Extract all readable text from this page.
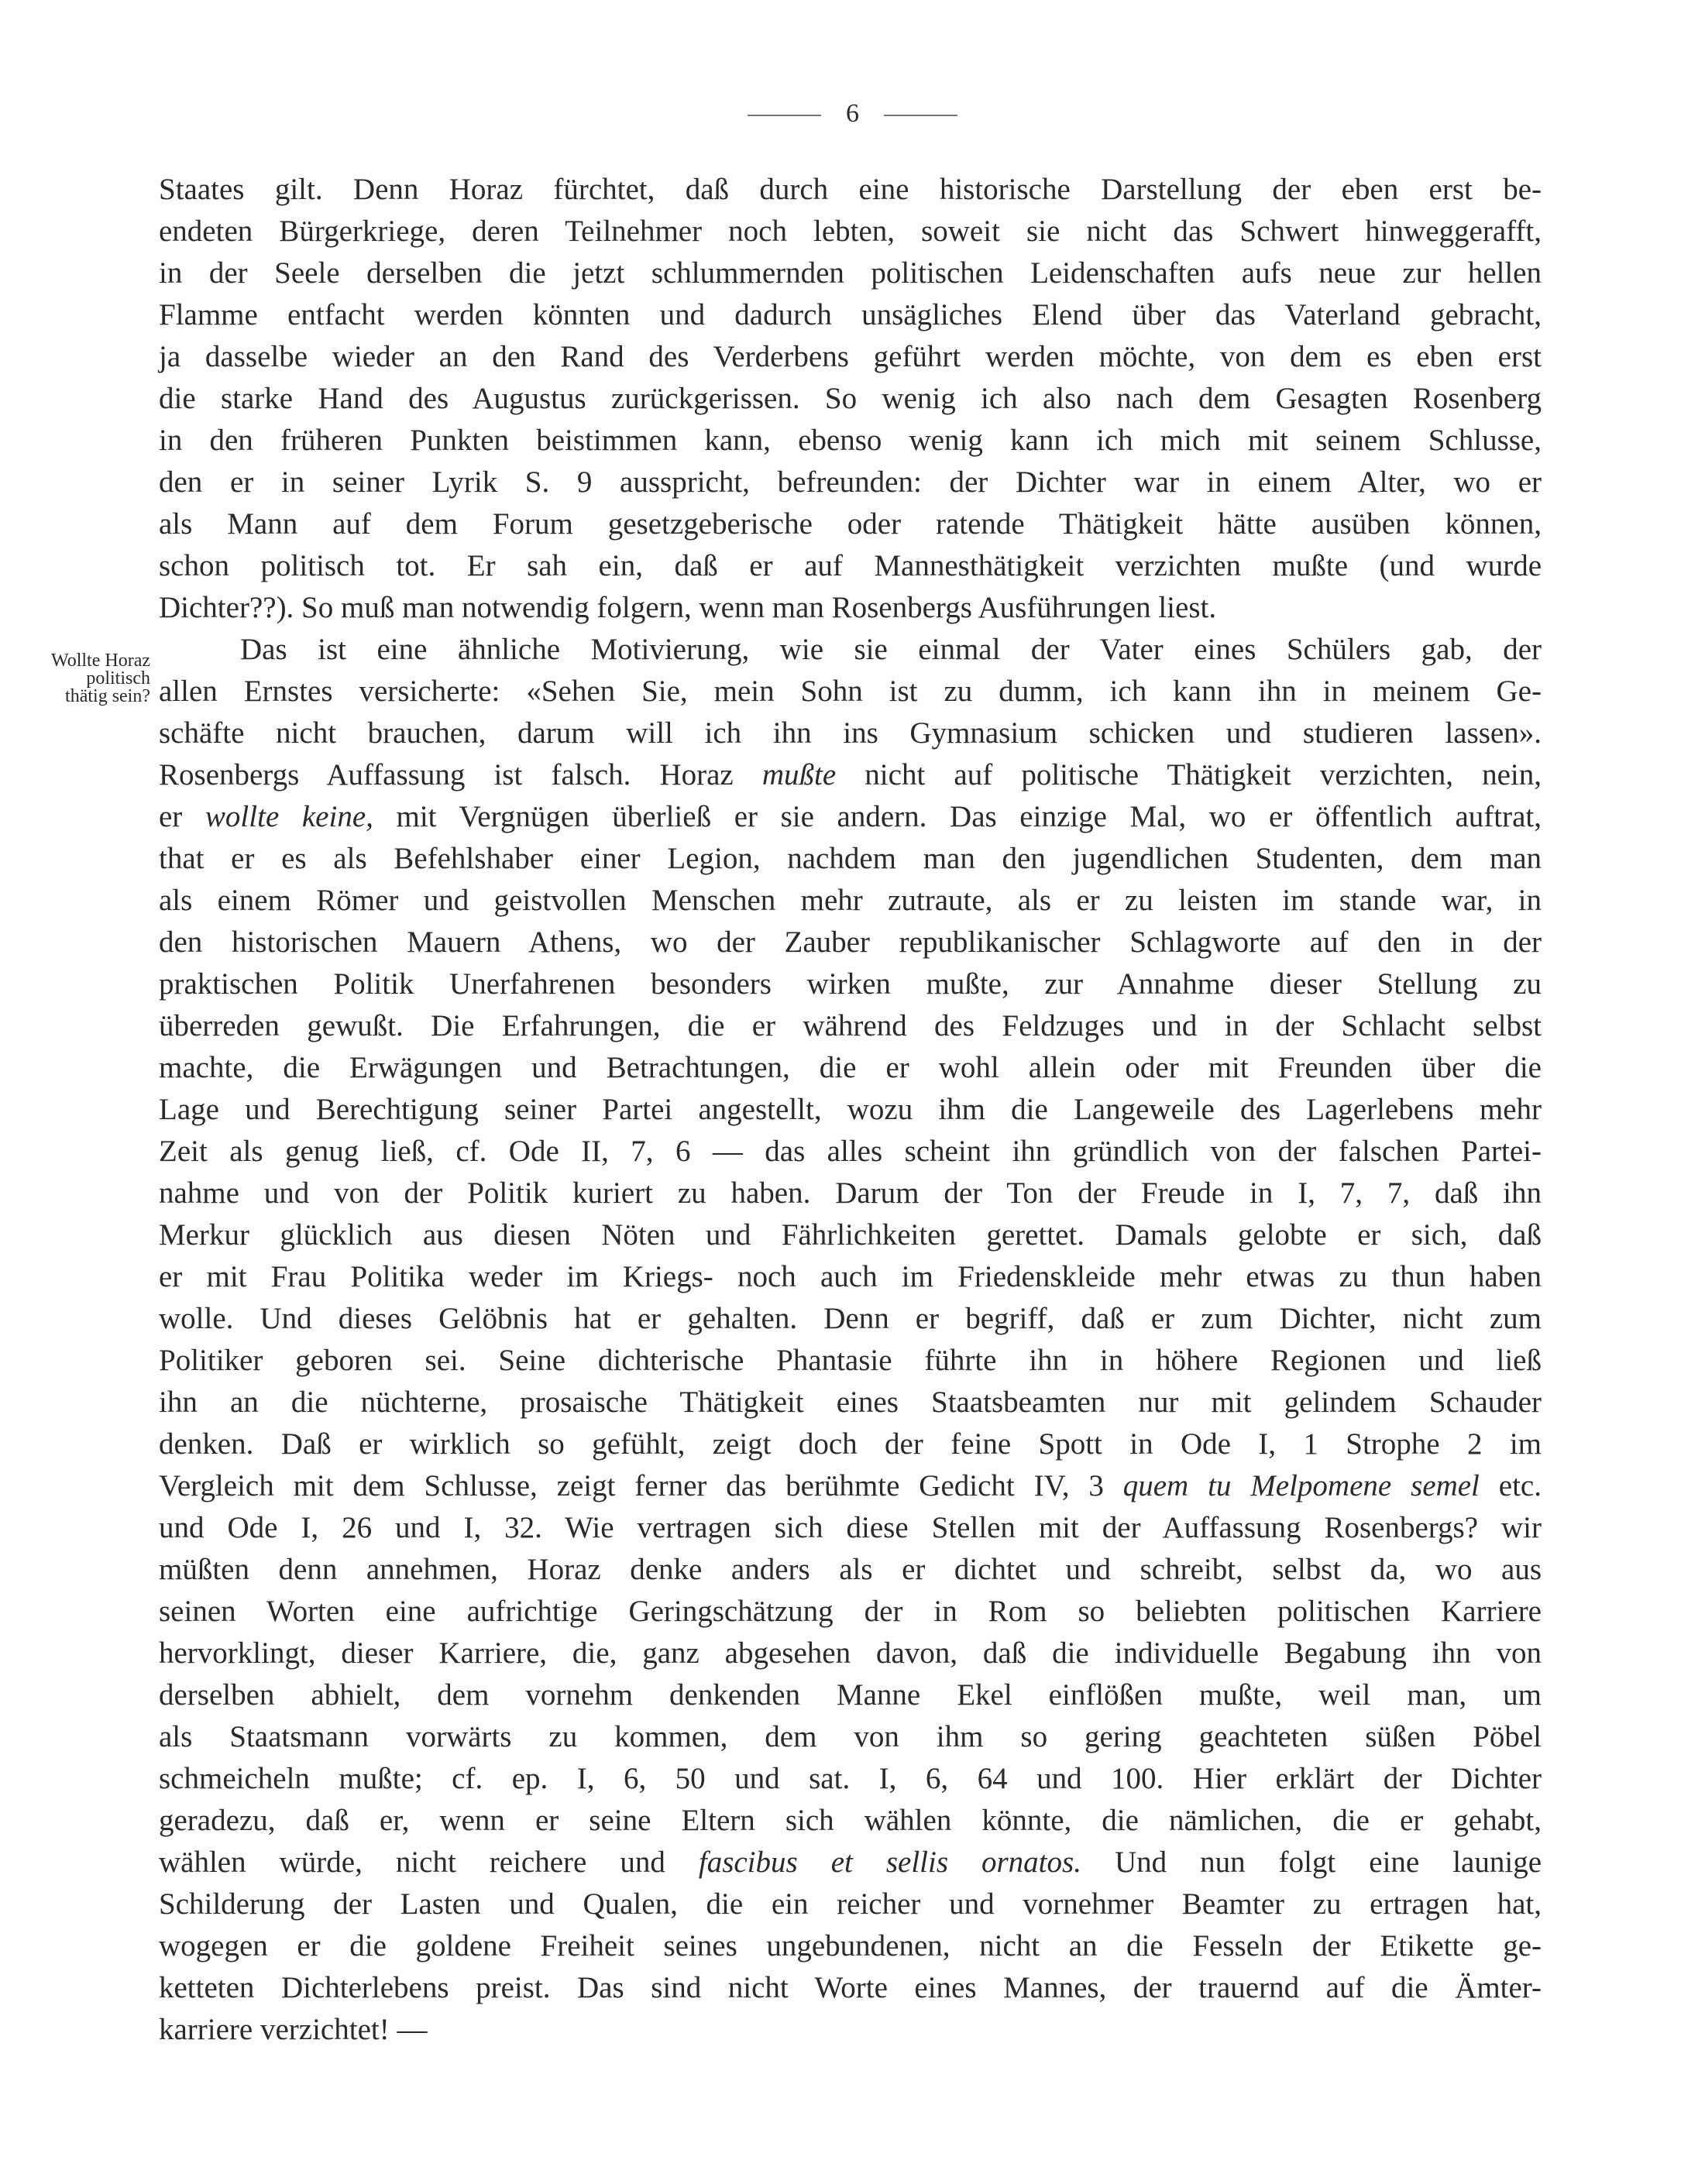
6
Wollte Horaz
politisch
thätig sein?
Staates gilt. Denn Horaz fürchtet, daß durch eine historische Darstellung der eben erst be-
endeten Bürgerkriege, deren Teilnehmer noch lebten, soweit sie nicht das Schwert hinweggerafft,
in der Seele derselben die jetzt schlummernden politischen Leidenschaften aufs neue zur hellen
Flamme entfacht werden könnten und dadurch unsägliches Elend über das Vaterland gebracht,
ja dasselbe wieder an den Rand des Verderbens geführt werden möchte, von dem es eben erst
die starke Hand des Augustus zurückgerissen. So wenig ich also nach dem Gesagten Rosenberg
in den früheren Punkten beistimmen kann, ebenso wenig kann ich mich mit seinem Schlusse,
den er in seiner Lyrik S. 9 ausspricht, befreunden: der Dichter war in einem Alter, wo er
als Mann auf dem Forum gesetzgeberische oder ratende Thätigkeit hätte ausüben können,
schon politisch tot. Er sah ein, daß er auf Mannesthätigkeit verzichten mußte (und wurde
Dichter??). So muß man notwendig folgern, wenn man Rosenbergs Ausführungen liest.
Das ist eine ähnliche Motivierung, wie sie einmal der Vater eines Schülers gab, der
allen Ernstes versicherte: «Sehen Sie, mein Sohn ist zu dumm, ich kann ihn in meinem Ge-
schäfte nicht brauchen, darum will ich ihn ins Gymnasium schicken und studieren lassen».
Rosenbergs Auffassung ist falsch. Horaz mußte nicht auf politische Thätigkeit verzichten, nein,
er wollte keine, mit Vergnügen überließ er sie andern. Das einzige Mal, wo er öffentlich auftrat,
that er es als Befehlshaber einer Legion, nachdem man den jugendlichen Studenten, dem man
als einem Römer und geistvollen Menschen mehr zutraute, als er zu leisten im stande war, in
den historischen Mauern Athens, wo der Zauber republikanischer Schlagworte auf den in der
praktischen Politik Unerfahrenen besonders wirken mußte, zur Annahme dieser Stellung zu
überreden gewußt. Die Erfahrungen, die er während des Feldzuges und in der Schlacht selbst
machte, die Erwägungen und Betrachtungen, die er wohl allein oder mit Freunden über die
Lage und Berechtigung seiner Partei angestellt, wozu ihm die Langeweile des Lagerlebens mehr
Zeit als genug ließ, cf. Ode II, 7, 6 — das alles scheint ihn gründlich von der falschen Partei-
nahme und von der Politik kuriert zu haben. Darum der Ton der Freude in I, 7, 7, daß ihn
Merkur glücklich aus diesen Nöten und Fährlichkeiten gerettet. Damals gelobte er sich, daß
er mit Frau Politika weder im Kriegs- noch auch im Friedenskleide mehr etwas zu thun haben
wolle. Und dieses Gelöbnis hat er gehalten. Denn er begriff, daß er zum Dichter, nicht zum
Politiker geboren sei. Seine dichterische Phantasie führte ihn in höhere Regionen und ließ
ihn an die nüchterne, prosaische Thätigkeit eines Staatsbeamten nur mit gelindem Schauder
denken. Daß er wirklich so gefühlt, zeigt doch der feine Spott in Ode I, 1 Strophe 2 im
Vergleich mit dem Schlusse, zeigt ferner das berühmte Gedicht IV, 3 quem tu Melpomene semel etc.
und Ode I, 26 und I, 32. Wie vertragen sich diese Stellen mit der Auffassung Rosenbergs? wir
müßten denn annehmen, Horaz denke anders als er dichtet und schreibt, selbst da, wo aus
seinen Worten eine aufrichtige Geringschätzung der in Rom so beliebten politischen Karriere
hervorklingt, dieser Karriere, die, ganz abgesehen davon, daß die individuelle Begabung ihn von
derselben abhielt, dem vornehm denkenden Manne Ekel einflößen mußte, weil man, um
als Staatsmann vorwärts zu kommen, dem von ihm so gering geachteten süßen Pöbel
schmeicheln mußte; cf. ep. I, 6, 50 und sat. I, 6, 64 und 100. Hier erklärt der Dichter
geradezu, daß er, wenn er seine Eltern sich wählen könnte, die nämlichen, die er gehabt,
wählen würde, nicht reichere und fascibus et sellis ornatos. Und nun folgt eine launige
Schilderung der Lasten und Qualen, die ein reicher und vornehmer Beamter zu ertragen hat,
wogegen er die goldene Freiheit seines ungebundenen, nicht an die Fesseln der Etikette ge-
ketteten Dichterlebens preist. Das sind nicht Worte eines Mannes, der trauernd auf die Ämter-
karriere verzichtet! —
